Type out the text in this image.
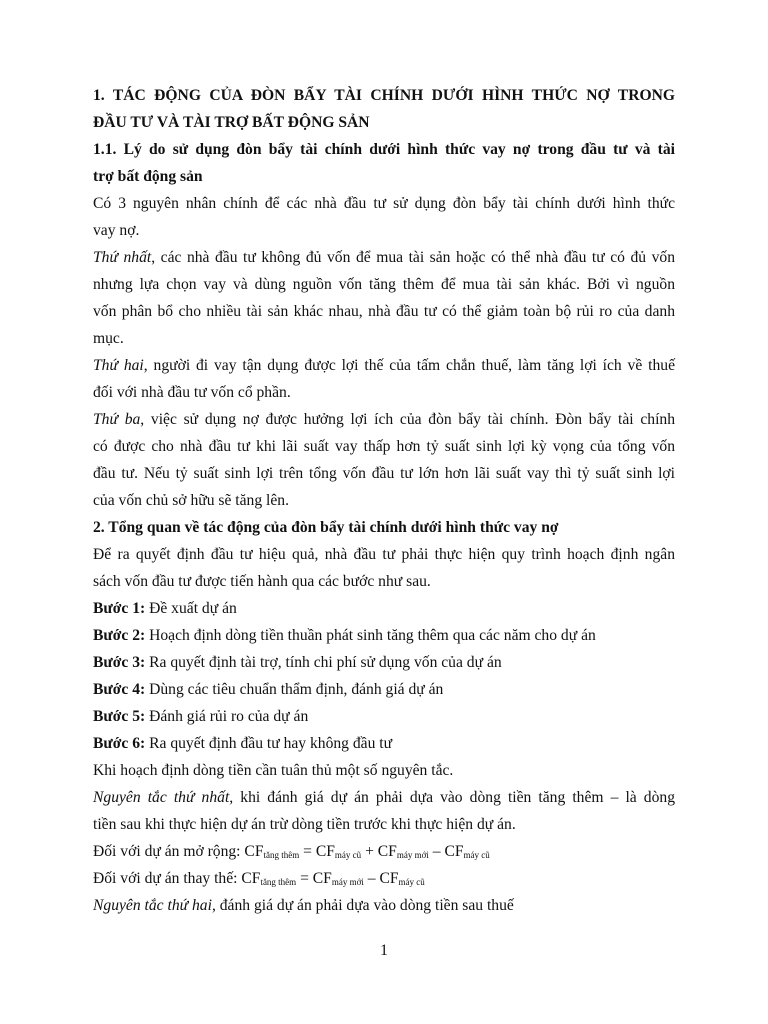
1. TÁC ĐỘNG CỦA ĐÒN BẨY TÀI CHÍNH DƯỚI HÌNH THỨC NỢ TRONG
ĐẦU TƯ VÀ TÀI TRỢ BẤT ĐỘNG SẢN
1.1. Lý do sử dụng đòn bẩy tài chính dưới hình thức vay nợ trong đầu tư và tài
trợ bất động sản
Có 3 nguyên nhân chính để các nhà đầu tư sử dụng đòn bẩy tài chính dưới hình thức
vay nợ.
Thứ nhất, các nhà đầu tư không đủ vốn để mua tài sản hoặc có thể nhà đầu tư có đủ vốn
nhưng lựa chọn vay và dùng nguồn vốn tăng thêm để mua tài sản khác. Bởi vì nguồn
vốn phân bổ cho nhiều tài sản khác nhau, nhà đầu tư có thể giảm toàn bộ rủi ro của danh
mục.
Thứ hai, người đi vay tận dụng được lợi thế của tấm chắn thuế, làm tăng lợi ích về thuế
đối với nhà đầu tư vốn cổ phần.
Thứ ba, việc sử dụng nợ được hưởng lợi ích của đòn bẩy tài chính. Đòn bẩy tài chính
có được cho nhà đầu tư khi lãi suất vay thấp hơn tỷ suất sinh lợi kỳ vọng của tổng vốn
đầu tư. Nếu tỷ suất sinh lợi trên tổng vốn đầu tư lớn hơn lãi suất vay thì tỷ suất sinh lợi
của vốn chủ sở hữu sẽ tăng lên.
2. Tổng quan về tác động của đòn bẩy tài chính dưới hình thức vay nợ
Để ra quyết định đầu tư hiệu quả, nhà đầu tư phải thực hiện quy trình hoạch định ngân
sách vốn đầu tư được tiến hành qua các bước như sau.
Bước 1: Đề xuất dự án
Bước 2: Hoạch định dòng tiền thuần phát sinh tăng thêm qua các năm cho dự án
Bước 3: Ra quyết định tài trợ, tính chi phí sử dụng vốn của dự án
Bước 4: Dùng các tiêu chuẩn thẩm định, đánh giá dự án
Bước 5: Đánh giá rủi ro của dự án
Bước 6: Ra quyết định đầu tư hay không đầu tư
Khi hoạch định dòng tiền cần tuân thủ một số nguyên tắc.
Nguyên tắc thứ nhất, khi đánh giá dự án phải dựa vào dòng tiền tăng thêm – là dòng
tiền sau khi thực hiện dự án trừ dòng tiền trước khi thực hiện dự án.
Đối với dự án mở rộng: $CF_{tăng thêm} = CF_{máy cũ} + CF_{máy mới} - CF_{máy cũ}$
Đối với dự án thay thế: $CF_{tăng thêm} = CF_{máy mới} - CF_{máy cũ}$
Nguyên tắc thứ hai, đánh giá dự án phải dựa vào dòng tiền sau thuế
1
